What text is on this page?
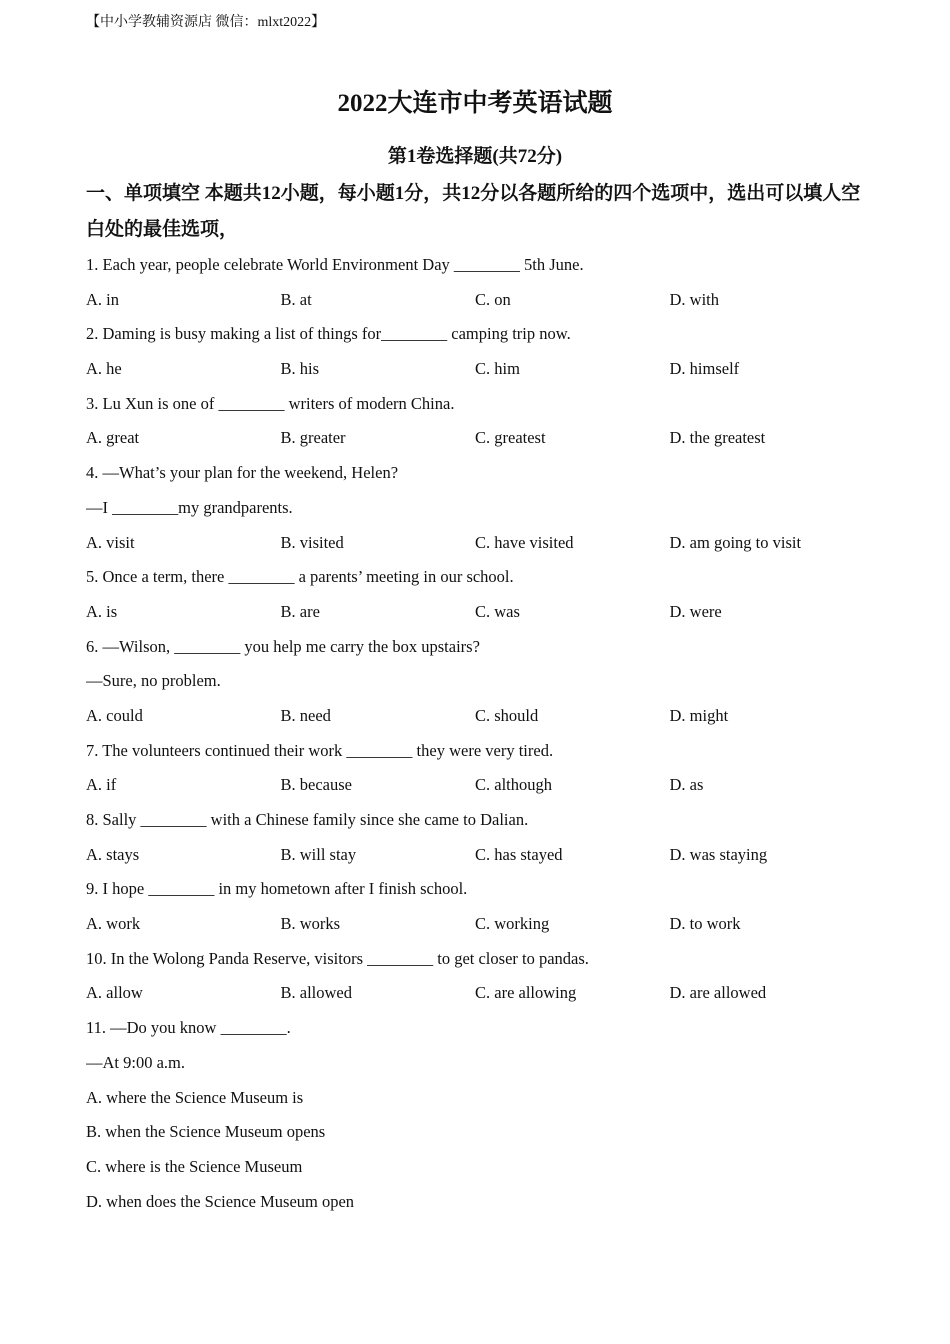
【中小学教辅资源店 微信：mlxt2022】
2022大连市中考英语试题
第1卷选择题(共72分)
一、单项填空 本题共12小题，每小题1分，共12分以各题所给的四个选项中，选出可以填人空白处的最佳选项，
1. Each year, people celebrate World Environment Day ________ 5th June.
A. in	B. at	C. on	D. with
2. Daming is busy making a list of things for________ camping trip now.
A. he	B. his	C. him	D. himself
3. Lu Xun is one of ________ writers of modern China.
A. great	B. greater	C. greatest	D. the greatest
4. —What’s your plan for the weekend, Helen?
—I ________my grandparents.
A. visit	B. visited	C. have visited	D. am going to visit
5. Once a term, there ________ a parents’ meeting in our school.
A. is	B. are	C. was	D. were
6. —Wilson, ________ you help me carry the box upstairs?
—Sure, no problem.
A. could	B. need	C. should	D. might
7. The volunteers continued their work ________ they were very tired.
A. if	B. because	C. although	D. as
8. Sally ________ with a Chinese family since she came to Dalian.
A. stays	B. will stay	C. has stayed	D. was staying
9. I hope ________ in my hometown after I finish school.
A. work	B. works	C. working	D. to work
10. In the Wolong Panda Reserve, visitors ________ to get closer to pandas.
A. allow	B. allowed	C. are allowing	D. are allowed
11. —Do you know ________.
—At 9:00 a.m.
A. where the Science Museum is
B. when the Science Museum opens
C. where is the Science Museum
D. when does the Science Museum open
